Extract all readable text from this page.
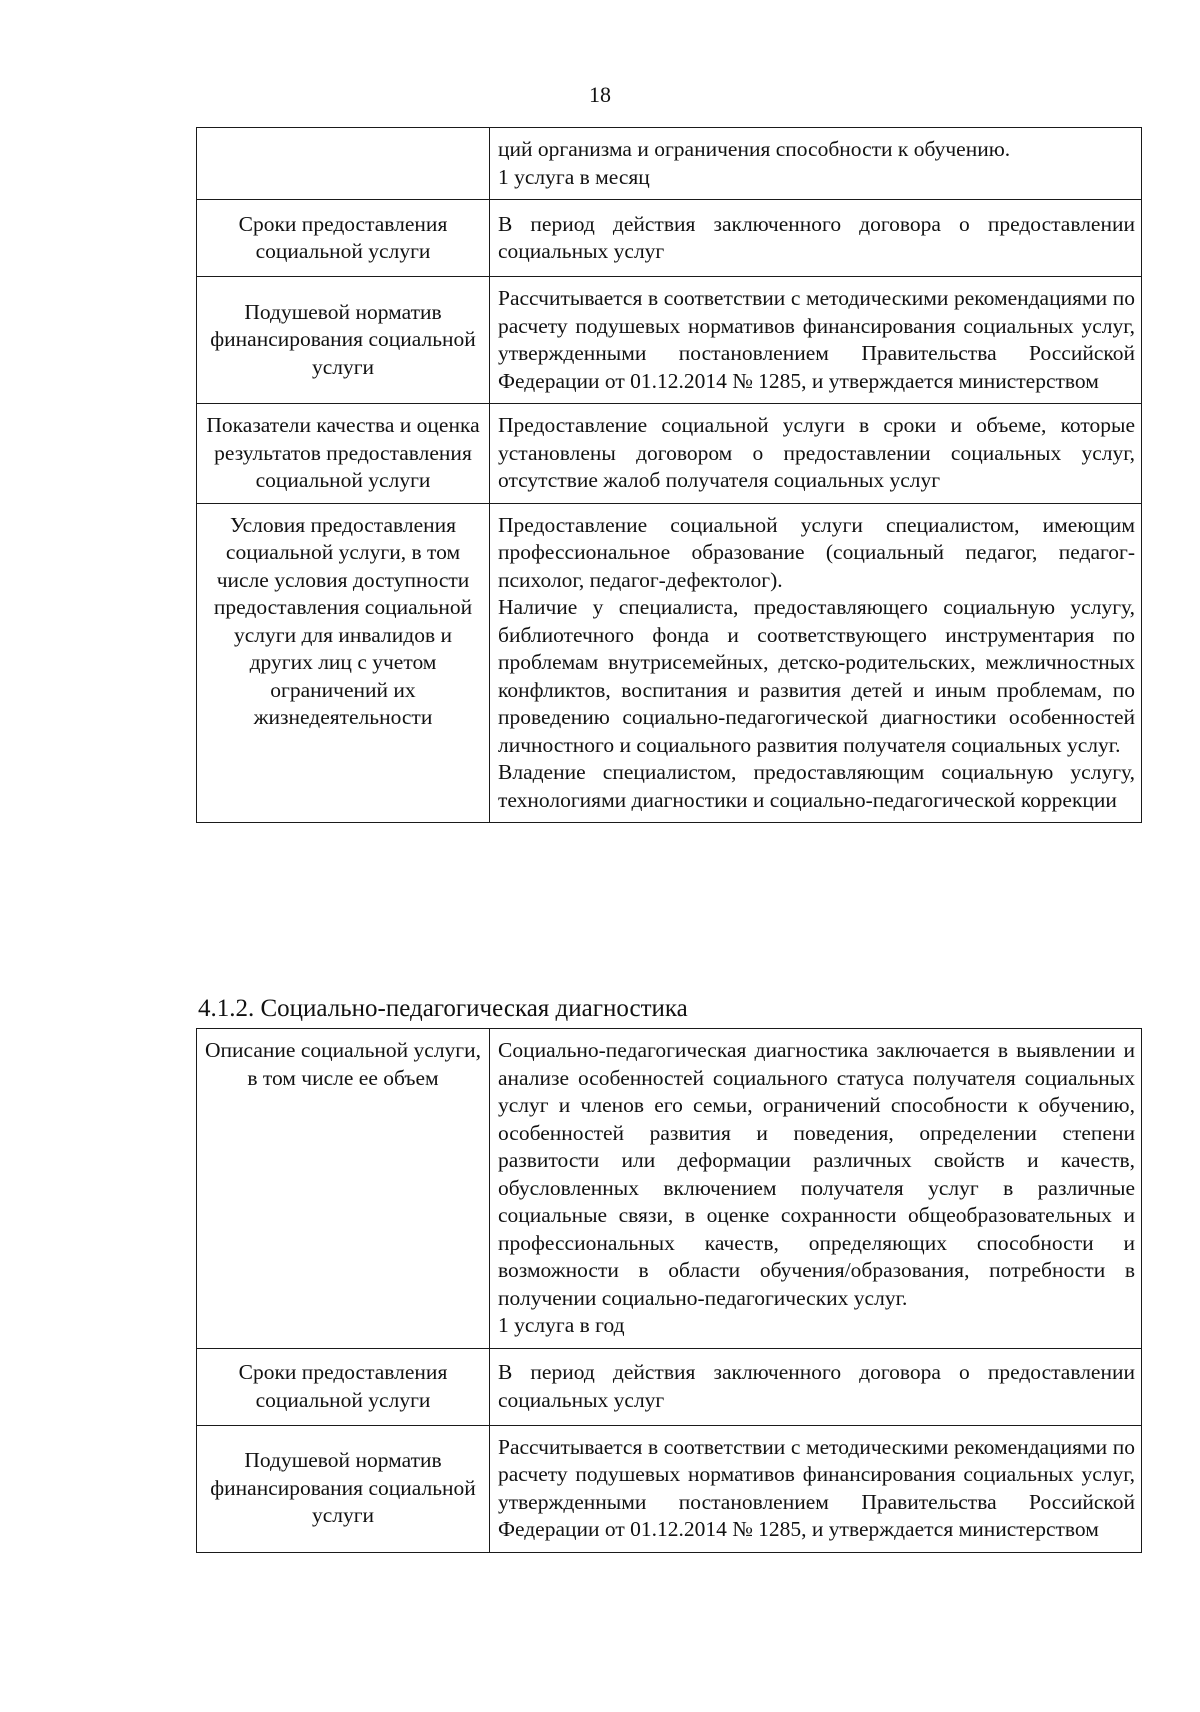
18

	ций организма и ограничения способности к обучению.
1 услуга в месяц

Сроки предоставления социальной услуги	В период действия заключенного договора о предоставлении социальных услуг

Подушевой норматив финансирования социальной услуги	Рассчитывается в соответствии с методическими рекомендациями по расчету подушевых нормативов финансирования социальных услуг, утвержденными постановлением Правительства Российской Федерации от 01.12.2014 № 1285, и утверждается министерством

Показатели качества и оценка результатов предоставления социальной услуги	Предоставление социальной услуги в сроки и объеме, которые установлены договором о предоставлении социальных услуг, отсутствие жалоб получателя социальных услуг

Условия предоставления социальной услуги, в том числе условия доступности предоставления социальной услуги для инвалидов и других лиц с учетом ограничений их жизнедеятельности	Предоставление социальной услуги специалистом, имеющим профессиональное образование (социальный педагог, педагог-психолог, педагог-дефектолог).
Наличие у специалиста, предоставляющего социальную услугу, библиотечного фонда и соответствующего инструментария по проблемам внутрисемейных, детско-родительских, межличностных конфликтов, воспитания и развития детей и иным проблемам, по проведению социально-педагогической диагностики особенностей личностного и социального развития получателя социальных услуг.
Владение специалистом, предоставляющим социальную услугу, технологиями диагностики и социально-педагогической коррекции
4.1.2. Социально-педагогическая диагностика
Описание социальной услуги, в том числе ее объем	Социально-педагогическая диагностика заключается в выявлении и анализе особенностей социального статуса получателя социальных услуг и членов его семьи, ограничений способности к обучению, особенностей развития и поведения, определении степени развитости или деформации различных свойств и качеств, обусловленных включением получателя услуг в различные социальные связи, в оценке сохранности общеобразовательных и профессиональных качеств, определяющих способности и возможности в области обучения/образования, потребности в получении социально-педагогических услуг.
1 услуга в год

Сроки предоставления социальной услуги	В период действия заключенного договора о предоставлении социальных услуг

Подушевой норматив финансирования социальной услуги	Рассчитывается в соответствии с методическими рекомендациями по расчету подушевых нормативов финансирования социальных услуг, утвержденными постановлением Правительства Российской Федерации от 01.12.2014 № 1285, и утверждается министерством
